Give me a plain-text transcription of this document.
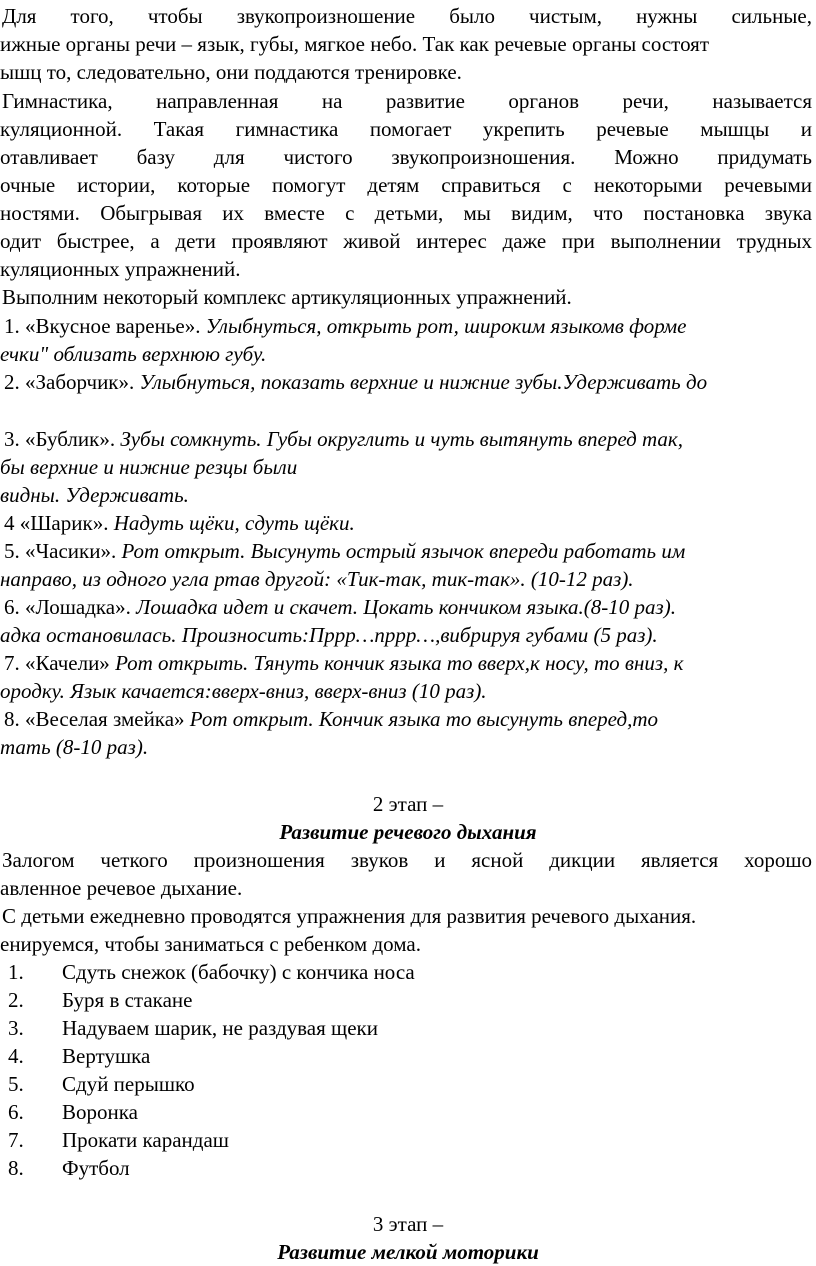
Для того, чтобы звукопроизношение было чистым, нужны сильные,
ижные органы речи – язык, губы, мягкое небо. Так как речевые органы состоят
ышц то, следовательно, они поддаются тренировке.
Гимнастика, направленная на развитие органов речи, называется
куляционной. Такая гимнастика помогает укрепить речевые мышцы и
отавливает базу для чистого звукопроизношения. Можно придумать
очные истории, которые помогут детям справиться с некоторыми речевыми
ностями. Обыгрывая их вместе с детьми, мы видим, что постановка звука
одит быстрее, а дети проявляют живой интерес даже при выполнении трудных
куляционных упражнений.
Выполним некоторый комплекс артикуляционных упражнений.
1. «Вкусное варенье». Улыбнуться, открыть рот, широким языкомв форме
ечки" облизать верхнюю губу.
2. «Заборчик». Улыбнуться, показать верхние и нижние зубы.Удерживать до
3. «Бублик». Зубы сомкнуть. Губы округлить и чуть вытянуть вперед так,
бы верхние и нижние резцы были
видны. Удерживать.
4 «Шарик». Надуть щёки, сдуть щёки.
5. «Часики». Рот открыт. Высунуть острый язычок впереди работать им
направо, из одного угла ртав другой: «Тик-так, тик-так». (10-12 раз).
6. «Лошадка». Лошадка идет и скачет. Цокать кончиком языка.(8-10 раз).
адка остановилась. Произносить:Пррр…пррр…,вибрируя губами (5 раз).
7. «Качели» Рот открыть. Тянуть кончик языка то вверх,к носу, то вниз, к
ородку. Язык качается:вверх-вниз, вверх-вниз (10 раз).
8. «Веселая змейка» Рот открыт. Кончик языка то высунуть вперед,то
тать (8-10 раз).
2 этап –
Развитие речевого дыхания
Залогом четкого произношения звуков и ясной дикции является хорошо
авленное речевое дыхание.
С детьми ежедневно проводятся упражнения для развития речевого дыхания.
енируемся, чтобы заниматься с ребенком дома.
1. Сдуть снежок (бабочку) с кончика носа
2. Буря в стакане
3. Надуваем шарик, не раздувая щеки
4. Вертушка
5. Сдуй перышко
6. Воронка
7. Прокати карандаш
8. Футбол
3 этап –
Развитие мелкой моторики
